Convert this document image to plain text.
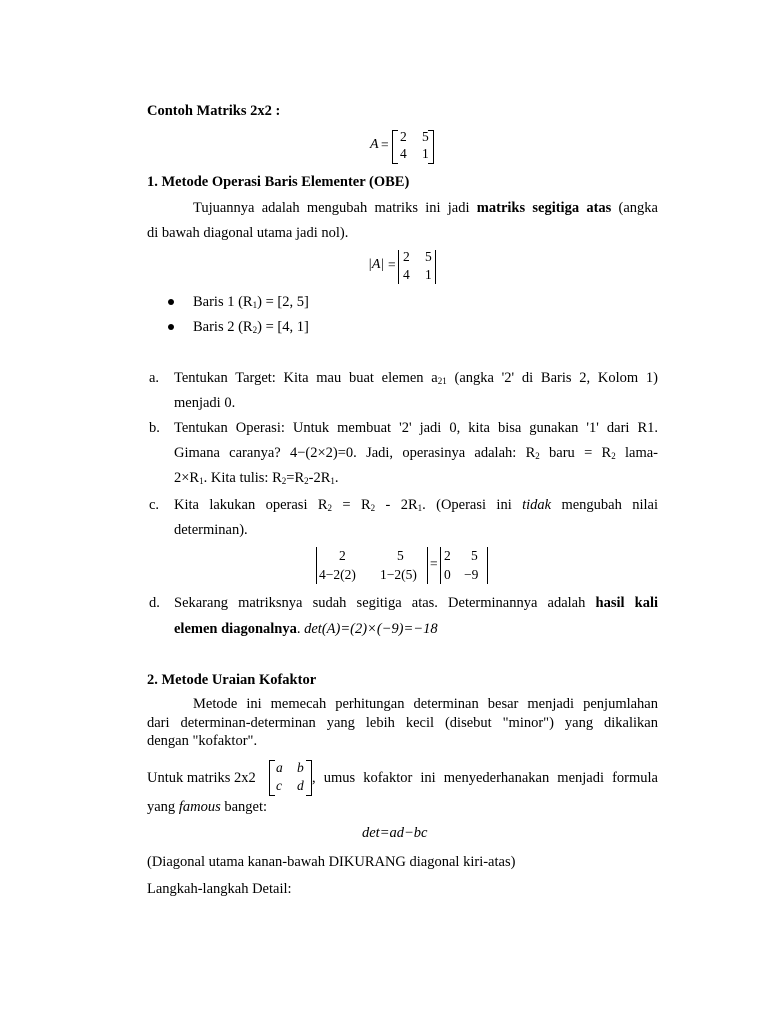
Contoh Matriks 2x2 :
A =
2 5
4 1
1. Metode Operasi Baris Elementer (OBE)
Tujuannya adalah mengubah matriks ini jadi matriks segitiga atas (angka
di bawah diagonal utama jadi nol).
|A| =
2 5
4 1
Baris 1 $(R_1) = [2$, 5]
Baris 2 $(R_2) = [4$, 1]
a. Tentukan Target: Kita mau buat elemen $a_{21}$ (angka '2' di Baris 2, Kolom 1)
menjadi 0.
b. Tentukan Operasi: Untuk membuat '2' jadi 0, kita bisa gunakan '1' dari R1.
Gimana caranya? 4−(2×2)=0. Jadi, operasinya adalah: $R_2$ baru = $R_2$ lama-
$2\times R_1$. Kita tulis: $R_2=R_2-2R_1$.
c. Kita lakukan operasi $R_2 = R_2 - 2R_1$. (Operasi ini tidak mengubah nilai
determinan).
2	5
4−2(2) 1−2(5)
=
2 5
0 −9
d. Sekarang matriksnya sudah segitiga atas. Determinannya adalah hasil kali
elemen diagonalnya. det(A)=(2)×(−9)=−18
2. Metode Uraian Kofaktor
Metode ini memecah perhitungan determinan besar menjadi penjumlahan
dari determinan-determinan yang lebih kecil (disebut "minor") yang dikalikan
dengan "kofaktor".
Untuk matriks 2x2
a b
c d , umus kofaktor ini menyederhanakan menjadi formula
yang famous banget:
det=ad−bc
(Diagonal utama kanan-bawah DIKURANG diagonal kiri-atas)
Langkah-langkah Detail:
